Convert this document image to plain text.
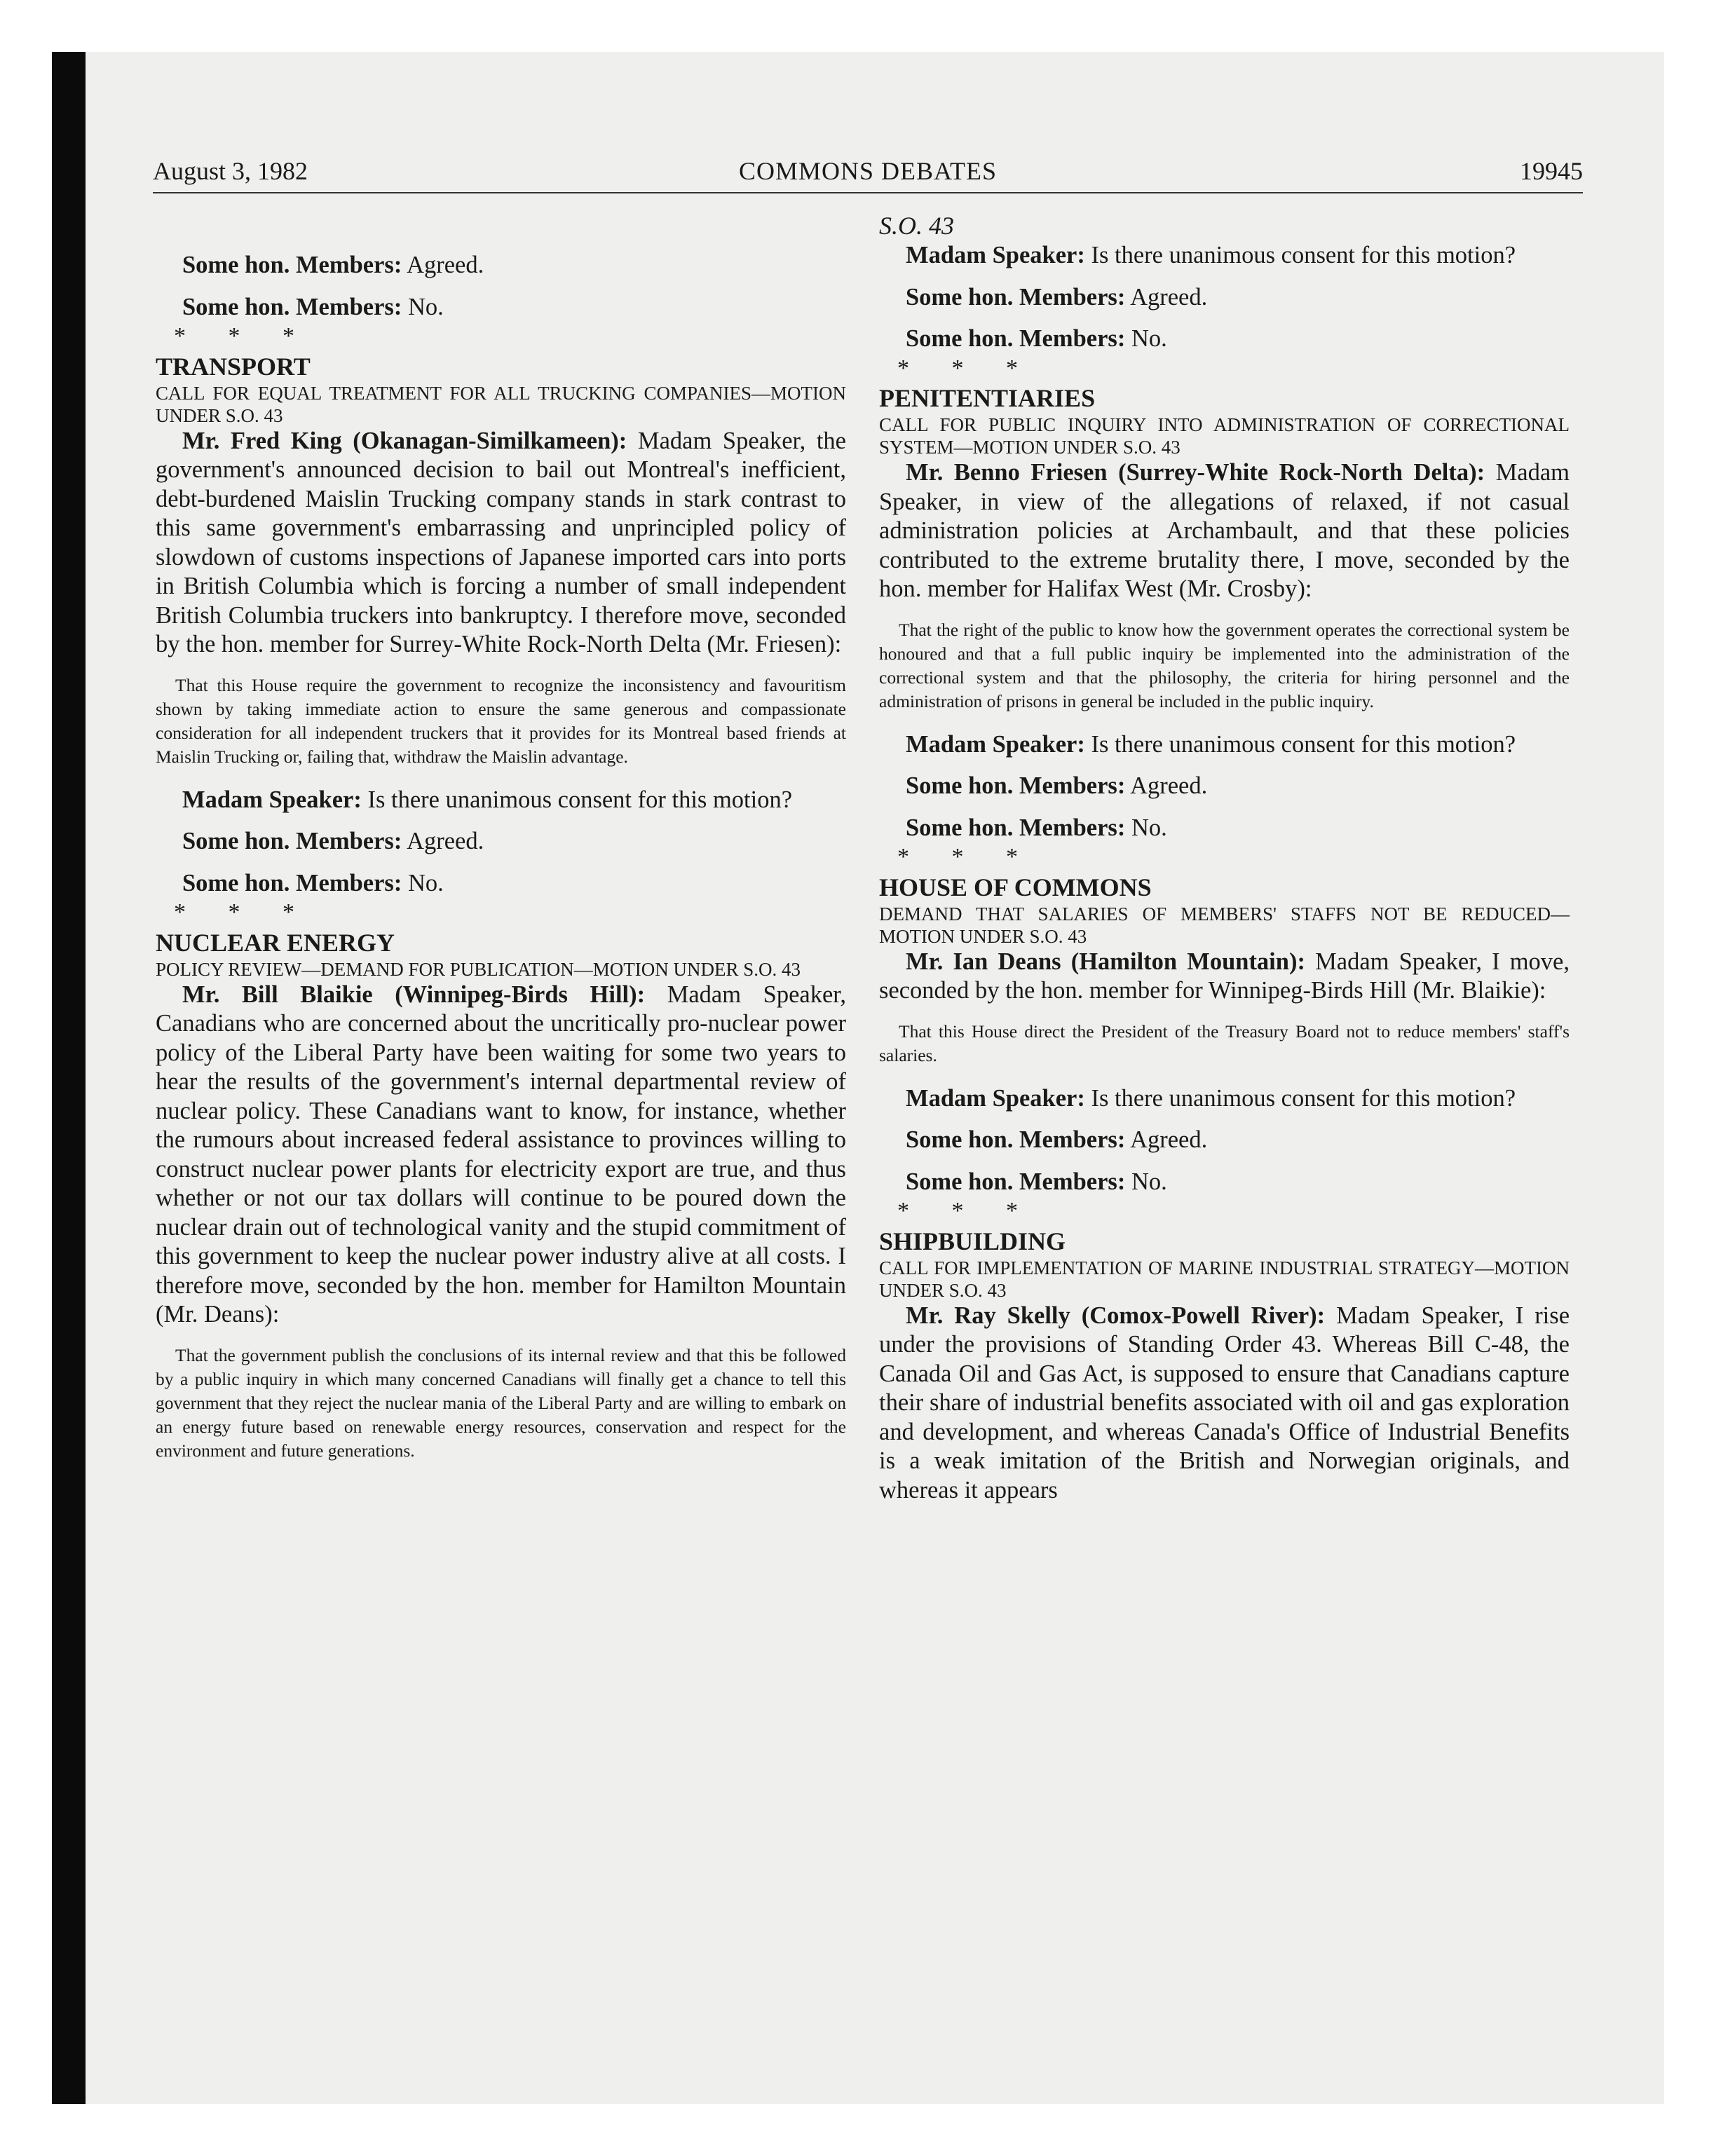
August 3, 1982	COMMONS DEBATES	19945

Some hon. Members: Agreed.

Some hon. Members: No.

* * *

TRANSPORT

CALL FOR EQUAL TREATMENT FOR ALL TRUCKING COMPANIES—MOTION UNDER S.O. 43

Mr. Fred King (Okanagan-Similkameen): Madam Speaker, the government's announced decision to bail out Montreal's inefficient, debt-burdened Maislin Trucking company stands in stark contrast to this same government's embarrassing and unprincipled policy of slowdown of customs inspections of Japanese imported cars into ports in British Columbia which is forcing a number of small independent British Columbia truckers into bankruptcy. I therefore move, seconded by the hon. member for Surrey-White Rock-North Delta (Mr. Friesen):

That this House require the government to recognize the inconsistency and favouritism shown by taking immediate action to ensure the same generous and compassionate consideration for all independent truckers that it provides for its Montreal based friends at Maislin Trucking or, failing that, withdraw the Maislin advantage.

Madam Speaker: Is there unanimous consent for this motion?

Some hon. Members: Agreed.

Some hon. Members: No.

* * *

NUCLEAR ENERGY

POLICY REVIEW—DEMAND FOR PUBLICATION—MOTION UNDER S.O. 43

Mr. Bill Blaikie (Winnipeg-Birds Hill): Madam Speaker, Canadians who are concerned about the uncritically pro-nuclear power policy of the Liberal Party have been waiting for some two years to hear the results of the government's internal departmental review of nuclear policy. These Canadians want to know, for instance, whether the rumours about increased federal assistance to provinces willing to construct nuclear power plants for electricity export are true, and thus whether or not our tax dollars will continue to be poured down the nuclear drain out of technological vanity and the stupid commitment of this government to keep the nuclear power industry alive at all costs. I therefore move, seconded by the hon. member for Hamilton Mountain (Mr. Deans):

That the government publish the conclusions of its internal review and that this be followed by a public inquiry in which many concerned Canadians will finally get a chance to tell this government that they reject the nuclear mania of the Liberal Party and are willing to embark on an energy future based on renewable energy resources, conservation and respect for the environment and future generations.

S.O. 43

Madam Speaker: Is there unanimous consent for this motion?

Some hon. Members: Agreed.

Some hon. Members: No.

* * *

PENITENTIARIES

CALL FOR PUBLIC INQUIRY INTO ADMINISTRATION OF CORRECTIONAL SYSTEM—MOTION UNDER S.O. 43

Mr. Benno Friesen (Surrey-White Rock-North Delta): Madam Speaker, in view of the allegations of relaxed, if not casual administration policies at Archambault, and that these policies contributed to the extreme brutality there, I move, seconded by the hon. member for Halifax West (Mr. Crosby):

That the right of the public to know how the government operates the correctional system be honoured and that a full public inquiry be implemented into the administration of the correctional system and that the philosophy, the criteria for hiring personnel and the administration of prisons in general be included in the public inquiry.

Madam Speaker: Is there unanimous consent for this motion?

Some hon. Members: Agreed.

Some hon. Members: No.

* * *

HOUSE OF COMMONS

DEMAND THAT SALARIES OF MEMBERS' STAFFS NOT BE REDUCED—MOTION UNDER S.O. 43

Mr. Ian Deans (Hamilton Mountain): Madam Speaker, I move, seconded by the hon. member for Winnipeg-Birds Hill (Mr. Blaikie):

That this House direct the President of the Treasury Board not to reduce members' staff's salaries.

Madam Speaker: Is there unanimous consent for this motion?

Some hon. Members: Agreed.

Some hon. Members: No.

* * *

SHIPBUILDING

CALL FOR IMPLEMENTATION OF MARINE INDUSTRIAL STRATEGY—MOTION UNDER S.O. 43

Mr. Ray Skelly (Comox-Powell River): Madam Speaker, I rise under the provisions of Standing Order 43. Whereas Bill C-48, the Canada Oil and Gas Act, is supposed to ensure that Canadians capture their share of industrial benefits associated with oil and gas exploration and development, and whereas Canada's Office of Industrial Benefits is a weak imitation of the British and Norwegian originals, and whereas it appears
